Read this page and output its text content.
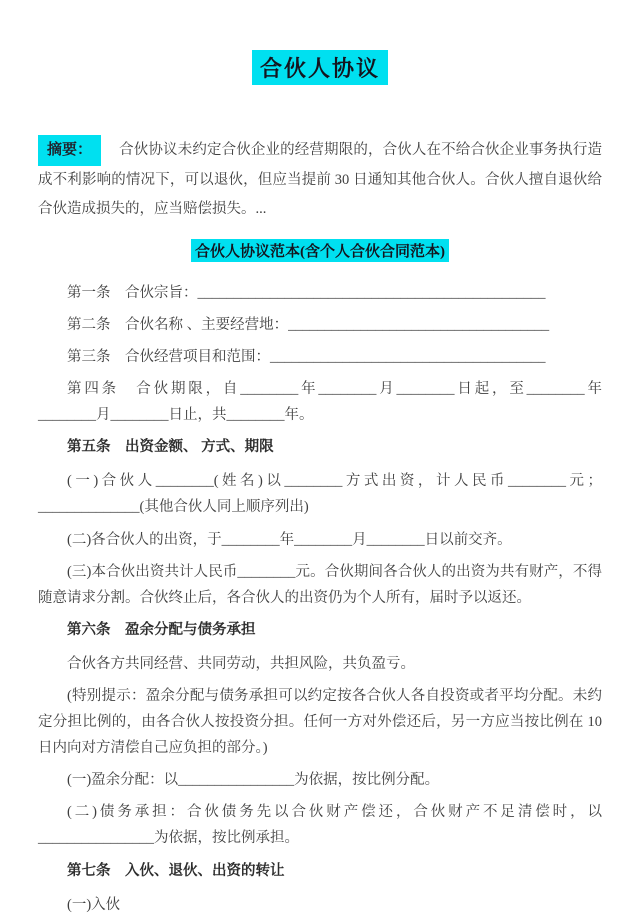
合伙人协议

摘要： 合伙协议未约定合伙企业的经营期限的，合伙人在不给合伙企业事务执行造成不利影响的情况下，可以退伙，但应当提前 30 日通知其他合伙人。合伙人擅自退伙给合伙造成损失的，应当赔偿损失。...

合伙人协议范本(含个人合伙合同范本)

第一条　合伙宗旨：________________________________________________

第二条　合伙名称 、主要经营地：____________________________________

第三条　合伙经营项目和范围：______________________________________

第四条　合伙期限，自________年________月________日起，至________年________月________日止，共________年。

第五条　出资金额、 方式、期限

(一)合伙人________(姓名)以________方式出资，计人民币________元；______________(其他合伙人同上顺序列出)

(二)各合伙人的出资，于________年________月________日以前交齐。

(三)本合伙出资共计人民币________元。合伙期间各合伙人的出资为共有财产，不得随意请求分割。合伙终止后，各合伙人的出资仍为个人所有，届时予以返还。

第六条　盈余分配与债务承担

合伙各方共同经营、共同劳动，共担风险，共负盈亏。

(特别提示：盈余分配与债务承担可以约定按各合伙人各自投资或者平均分配。未约定分担比例的，由各合伙人按投资分担。任何一方对外偿还后，另一方应当按比例在 10 日内向对方清偿自己应负担的部分。)

(一)盈余分配：以________________为依据，按比例分配。

(二)债务承担：合伙债务先以合伙财产偿还，合伙财产不足清偿时，以________________为依据，按比例承担。

第七条　入伙、退伙、出资的转让

(一)入伙
